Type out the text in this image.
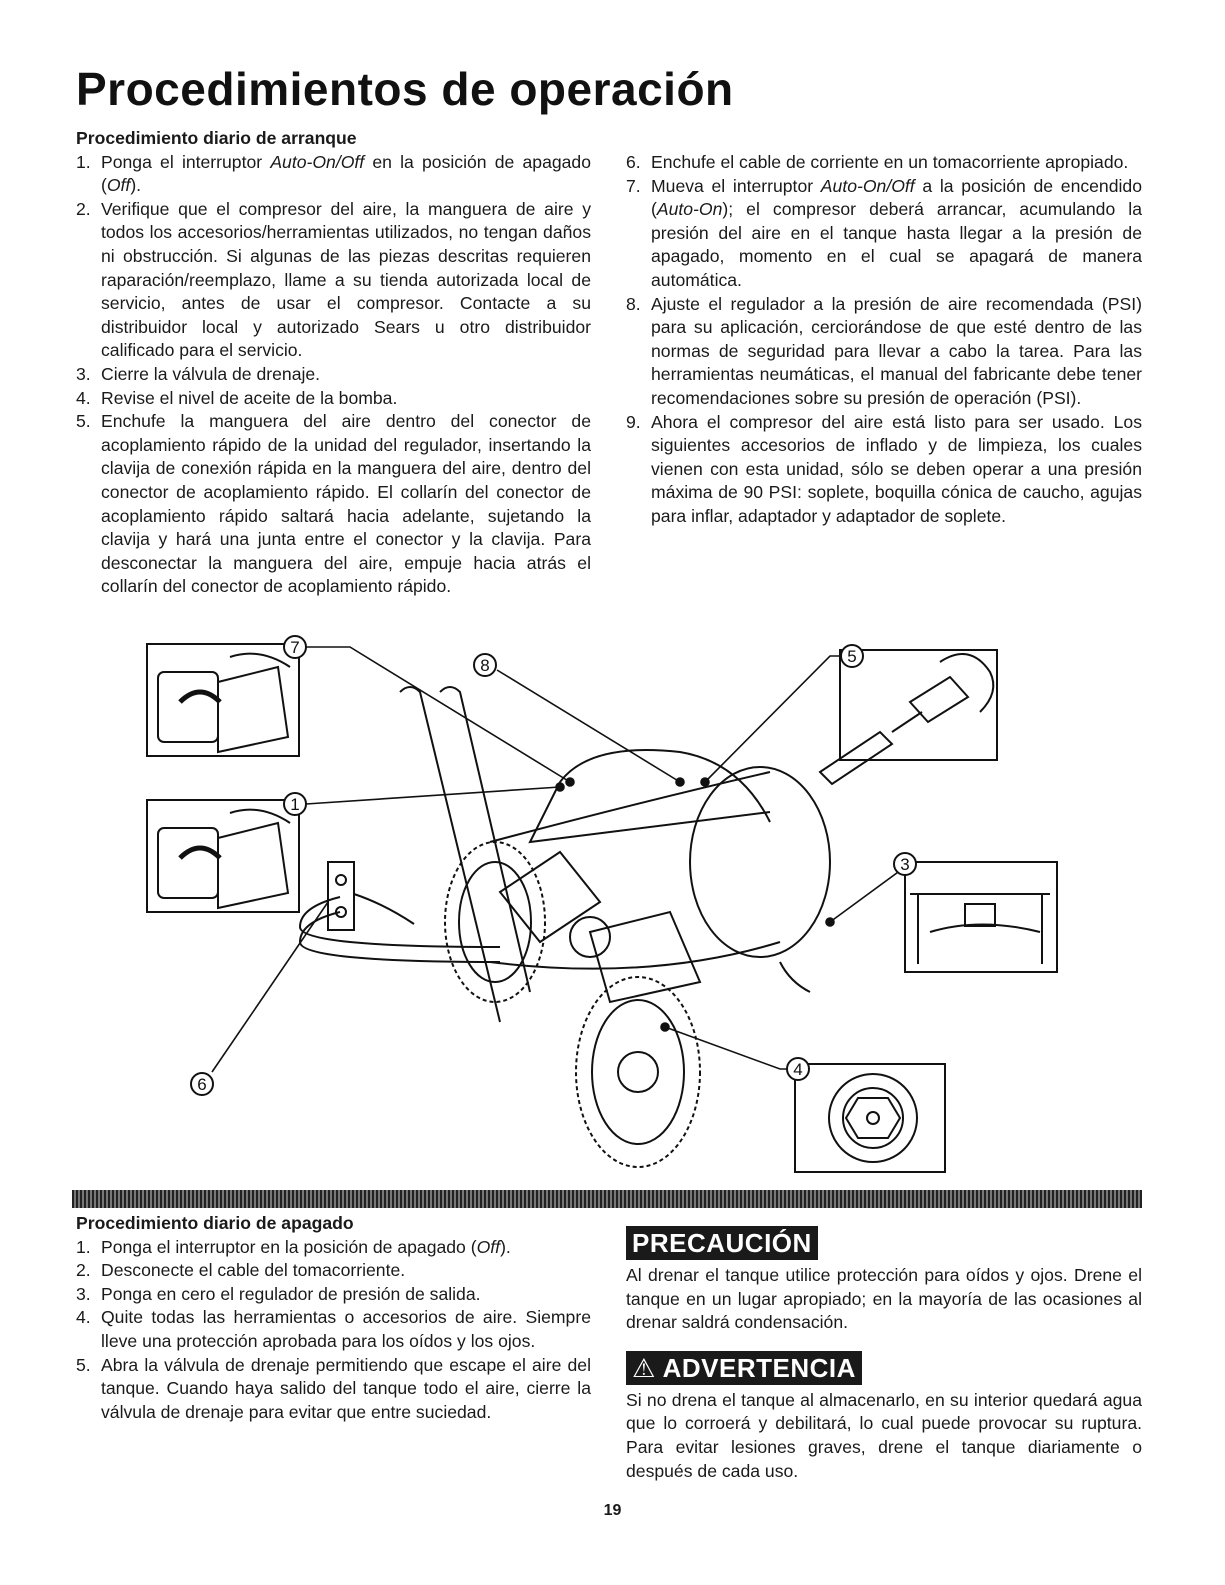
Procedimientos de operación

Procedimiento diario de arranque

1. Ponga el interruptor Auto-On/Off en la posición de apagado (Off).
2. Verifique que el compresor del aire, la manguera de aire y todos los accesorios/herramientas utilizados, no tengan daños ni obstrucción. Si algunas de las piezas descritas requieren raparación/reemplazo, llame a su tienda autorizada local de servicio, antes de usar el compresor. Contacte a su distribuidor local y autorizado Sears u otro distribuidor calificado para el servicio.
3. Cierre la válvula de drenaje.
4. Revise el nivel de aceite de la bomba.
5. Enchufe la manguera del aire dentro del conector de acoplamiento rápido de la unidad del regulador, insertando la clavija de conexión rápida en la manguera del aire, dentro del conector de acoplamiento rápido. El collarín del conector de acoplamiento rápido saltará hacia adelante, sujetando la clavija y hará una junta entre el conector y la clavija. Para desconectar la manguera del aire, empuje hacia atrás el collarín del conector de acoplamiento rápido.
6. Enchufe el cable de corriente en un tomacorriente apropiado.
7. Mueva el interruptor Auto-On/Off a la posición de encendido (Auto-On); el compresor deberá arrancar, acumulando la presión del aire en el tanque hasta llegar a la presión de apagado, momento en el cual se apagará de manera automática.
8. Ajuste el regulador a la presión de aire recomendada (PSI) para su aplicación, cerciorándose de que esté dentro de las normas de seguridad para llevar a cabo la tarea. Para las herramientas neumáticas, el manual del fabricante debe tener recomendaciones sobre su presión de operación (PSI).
9. Ahora el compresor del aire está listo para ser usado. Los siguientes accesorios de inflado y de limpieza, los cuales vienen con esta unidad, sólo se deben operar a una presión máxima de 90 PSI: soplete, boquilla cónica de caucho, agujas para inflar, adaptador y adaptador de soplete.
7
8	5
1
3
4
6

Procedimiento diario de apagado

1. Ponga el interruptor en la posición de apagado (Off).
2. Desconecte el cable del tomacorriente.
3. Ponga en cero el regulador de presión de salida.
4. Quite todas las herramientas o accesorios de aire. Siempre lleve una protección aprobada para los oídos y los ojos.
5. Abra la válvula de drenaje permitiendo que escape el aire del tanque. Cuando haya salido del tanque todo el aire, cierre la válvula de drenaje para evitar que entre suciedad.
PRECAUCIÓN

Al drenar el tanque utilice protección para oídos y ojos. Drene el tanque en un lugar apropiado; en la mayoría de las ocasiones al drenar saldrá condensación.

⚠ ADVERTENCIA

Si no drena el tanque al almacenarlo, en su interior quedará agua que lo corroerá y debilitará, lo cual puede provocar su ruptura. Para evitar lesiones graves, drene el tanque diariamente o después de cada uso.

19
